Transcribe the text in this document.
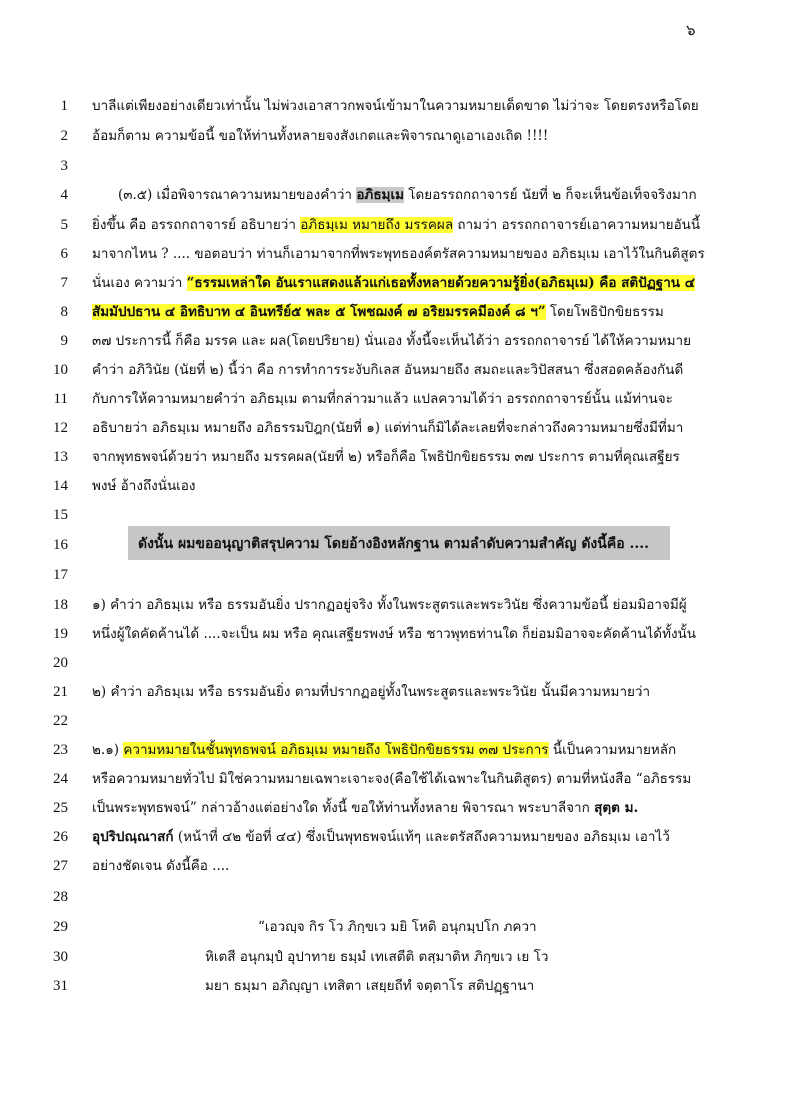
๖
1 บาลีแต่เพียงอย่างเดียวเท่านั้น ไม่พ่วงเอาสาวกพจน์เข้ามาในความหมายเด็ดขาด ไม่ว่าจะ โดยตรงหรือโดย
2 อ้อมก็ตาม ความข้อนี้ ขอให้ท่านทั้งหลายจงสังเกตและพิจารณาดูเอาเองเถิด !!!!
3
4	(๓.๕) เมื่อพิจารณาความหมายของคำว่า อภิธมฺเม โดยอรรถกถาจารย์ นัยที่ ๒ ก็จะเห็นข้อเท็จจริงมาก
5 ยิ่งขึ้น คือ อรรถกถาจารย์ อธิบายว่า อภิธมฺเม หมายถึง มรรคผล ถามว่า อรรถกถาจารย์เอาความหมายอันนี้
6 มาจากไหน ? .... ขอตอบว่า ท่านก็เอามาจากที่พระพุทธองค์ตรัสความหมายของ อภิธมฺเม เอาไว้ในกินติสูตร
7 นั่นเอง ความว่า “ธรรมเหล่าใด อันเราแสดงแล้วแก่เธอทั้งหลายด้วยความรู้ยิ่ง(อภิธมฺเม) คือ สติปัฏฐาน ๔
8 สัมมัปปธาน ๔ อิทธิบาท ๔ อินทรีย์๕ พละ ๕ โพชฌงค์ ๗ อริยมรรคมีองค์ ๘ ฯ” โดยโพธิปักขิยธรรม
9 ๓๗ ประการนี้ ก็คือ มรรค และ ผล(โดยปริยาย) นั่นเอง ทั้งนี้จะเห็นได้ว่า อรรถกถาจารย์ ได้ให้ความหมาย
10 คำว่า อภิวินัย (นัยที่ ๒) นี้ว่า คือ การทำการระงับกิเลส อันหมายถึง สมถะและวิปัสสนา ซึ่งสอดคล้องกันดี
11 กับการให้ความหมายคำว่า อภิธมฺเม ตามที่กล่าวมาแล้ว แปลความได้ว่า อรรถกถาจารย์นั้น แม้ท่านจะ
12 อธิบายว่า อภิธมฺเม หมายถึง อภิธรรมปิฎก(นัยที่ ๑) แต่ท่านก็มิได้ละเลยที่จะกล่าวถึงความหมายซึ่งมีที่มา
13 จากพุทธพจน์ด้วยว่า หมายถึง มรรคผล(นัยที่ ๒) หรือก็คือ โพธิปักขิยธรรม ๓๗ ประการ ตามที่คุณเสฐียร
14 พงษ์ อ้างถึงนั่นเอง
15
ดังนั้น ผมขออนุญาติสรุปความ โดยอ้างอิงหลักฐาน ตามลำดับความสำคัญ ดังนี้คือ ....
16
17
18 ๑) คำว่า อภิธมฺเม หรือ ธรรมอันยิ่ง ปรากฏอยู่จริง ทั้งในพระสูตรและพระวินัย ซึ่งความข้อนี้ ย่อมมิอาจมีผู้
19 หนึ่งผู้ใดคัดค้านได้ ....จะเป็น ผม หรือ คุณเสฐียรพงษ์ หรือ ชาวพุทธท่านใด ก็ย่อมมิอาจจะคัดค้านได้ทั้งนั้น
20
21 ๒) คำว่า อภิธมฺเม หรือ ธรรมอันยิ่ง ตามที่ปรากฏอยู่ทั้งในพระสูตรและพระวินัย นั้นมีความหมายว่า
22
23 ๒.๑) ความหมายในชั้นพุทธพจน์ อภิธมฺเม หมายถึง โพธิปักขิยธรรม ๓๗ ประการ นี้เป็นความหมายหลัก
24 หรือความหมายทั่วไป มิใช่ความหมายเฉพาะเจาะจง(คือใช้ได้เฉพาะในกินติสูตร) ตามที่หนังสือ “อภิธรรม
25 เป็นพระพุทธพจน์” กล่าวอ้างแต่อย่างใด ทั้งนี้ ขอให้ท่านทั้งหลาย พิจารณา พระบาลีจาก สุตฺต ม.
26 อุปริปณฺณาสก์ (หน้าที่ ๔๒ ข้อที่ ๔๔) ซึ่งเป็นพุทธพจน์แท้ๆ และตรัสถึงความหมายของ อภิธมฺเม เอาไว้
27 อย่างชัดเจน ดังนี้คือ ....
28
29	“เอวญฺจ กิร โว ภิกฺขเว มยิ โหติ อนุกมฺปโก ภควา
30	หิเตสี อนุกมฺปํ อุปาทาย ธมฺมํ เทเสตีติ ตสฺมาติห ภิกฺขเว เย โว
31	มยา ธมฺมา อภิญฺญา เทสิตา เสยฺยถีทํ จตฺตาโร สติปฏฺฐานา
